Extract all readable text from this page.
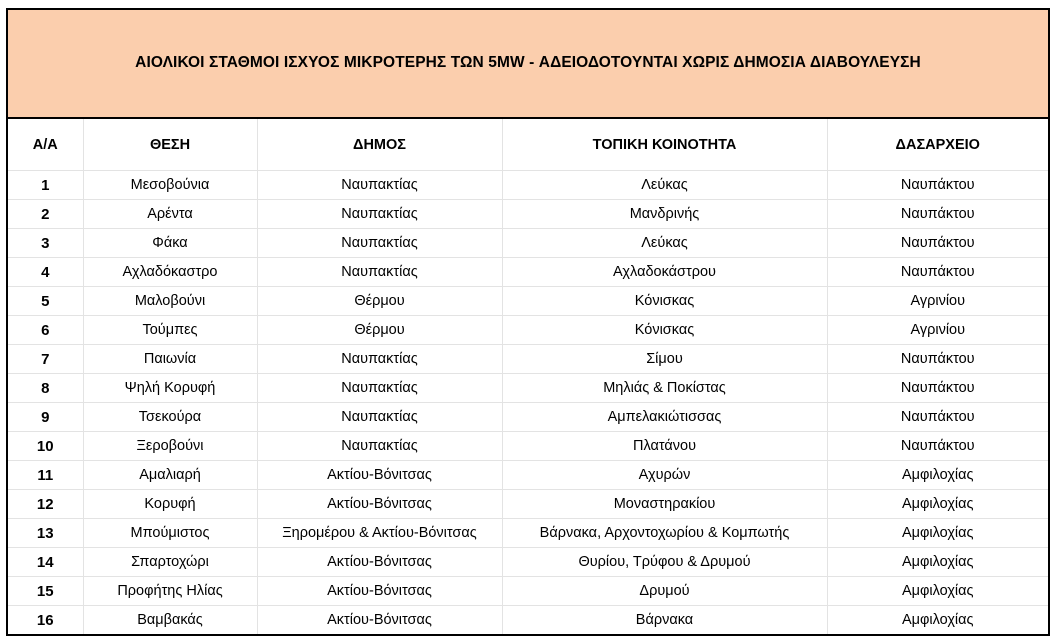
ΑΙΟΛΙΚΟΙ ΣΤΑΘΜΟΙ ΙΣΧΥΟΣ ΜΙΚΡΟΤΕΡΗΣ ΤΩΝ 5MW - ΑΔΕΙΟΔΟΤΟΥΝΤΑΙ ΧΩΡΙΣ ΔΗΜΟΣΙΑ ΔΙΑΒΟΥΛΕΥΣΗ
Α/Α	ΘΕΣΗ	ΔΗΜΟΣ	ΤΟΠΙΚΗ ΚΟΙΝΟΤΗΤΑ	ΔΑΣΑΡΧΕΙΟ
1	Μεσοβούνια	Ναυπακτίας	Λεύκας	Ναυπάκτου
2	Αρέντα	Ναυπακτίας	Μανδρινής	Ναυπάκτου
3	Φάκα	Ναυπακτίας	Λεύκας	Ναυπάκτου
4	Αχλαδόκαστρο	Ναυπακτίας	Αχλαδοκάστρου	Ναυπάκτου
5	Μαλοβούνι	Θέρμου	Κόνισκας	Αγρινίου
6	Τούμπες	Θέρμου	Κόνισκας	Αγρινίου
7	Παιωνία	Ναυπακτίας	Σίμου	Ναυπάκτου
8	Ψηλή Κορυφή	Ναυπακτίας	Μηλιάς & Ποκίστας	Ναυπάκτου
9	Τσεκούρα	Ναυπακτίας	Αμπελακιώτισσας	Ναυπάκτου
10	Ξεροβούνι	Ναυπακτίας	Πλατάνου	Ναυπάκτου
11	Αμαλιαρή	Ακτίου-Βόνιτσας	Αχυρών	Αμφιλοχίας
12	Κορυφή	Ακτίου-Βόνιτσας	Μοναστηρακίου	Αμφιλοχίας
13	Μπούμιστος	Ξηρομέρου & Ακτίου-Βόνιτσας	Βάρνακα, Αρχοντοχωρίου & Κομπωτής	Αμφιλοχίας
14	Σπαρτοχώρι	Ακτίου-Βόνιτσας	Θυρίου, Τρύφου & Δρυμού	Αμφιλοχίας
15	Προφήτης Ηλίας	Ακτίου-Βόνιτσας	Δρυμού	Αμφιλοχίας
16	Βαμβακάς	Ακτίου-Βόνιτσας	Βάρνακα	Αμφιλοχίας
